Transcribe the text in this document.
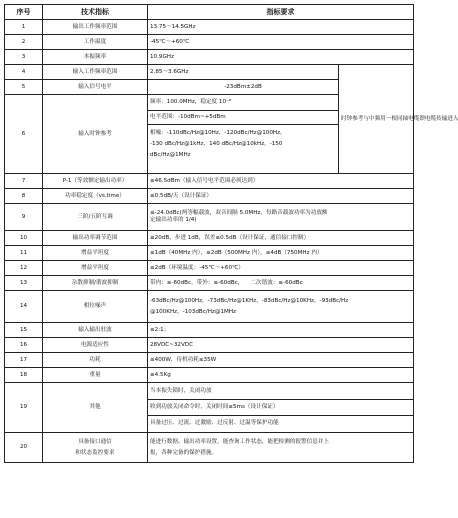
序号	技术指标	指标要求	
1	输出工作频率范围	13.75～14.5GHz	
2	工作温度	-45℃～+60℃	
3	本振频率	10.9GHz	
4	输入工作频率范围	2.85～3.6GHz	时钟参考与中频用一根同轴电缆馈电缆传输进入
5	输入信号电平	-23dBm±2dB	
6	输入时钟参考	频率：100.0MHz，稳定度 10⁻⁸
电平范围：-10dBm~+5dBm
相噪：-110dBc/Hz@10Hz，-120dBc/Hz@100Hz，
-130 dBc/Hz@1kHz，140 dBc/Hz@10kHz，-150
dBc/Hz@1MHz	

7	P-1（等效额定输出功率）	≥46.5dBm（输入信号电平范围必须达到）	
8	功率稳定度（vs.time）	≤0.5dB/天（设计保证）	
9	三阶/五阶互调	≤-24.0dBc(两等幅载波，双音间隔 5.0MHz，每路音载波功率为功放额
定输出功率的 1/4)	

10	输出功率调节范围	≥20dB，步进 1dB，误差≤0.5dB（设计保证，通信接口控制）	
11	增益平坦度	≤1dB（40MHz 内），≤2dB（500MHz 内），≤4dB（750MHz 内）	
12	增益平坦度	≤2dB（环境温度：-45℃～+60℃）	
13	杂散抑制/谐波抑制	带内：≤-60dBc，带外：≤-60dBc，    二次谐波：≤-60dBc	
14	相位噪声	-63dBc/Hz@100Hz，-73dBc/Hz@1KHz，-83dBc/Hz@10KHz，-93dBc/Hz
@100KHz，-103dBc/Hz@1MHz	

15	输入输出驻波	≤2:1；	
16	电源适应性	28VDC~32VDC	
17	功耗	≤400W，待机功耗≤35W	
18	重量	≤4.5Kg	
19	其他	当本振失锁时，关闭功放
收到功放关闭命令时，关闭时间≤5ms（设计保证）
具备过压、过流、过激励、过反射、过温等保护功能	

20	具备接口通信
和状态监控要求	能进行数据、输出功率设置，能查询工作状态，能把检测的报警信息并上
报，各种完备的保护措施。	
